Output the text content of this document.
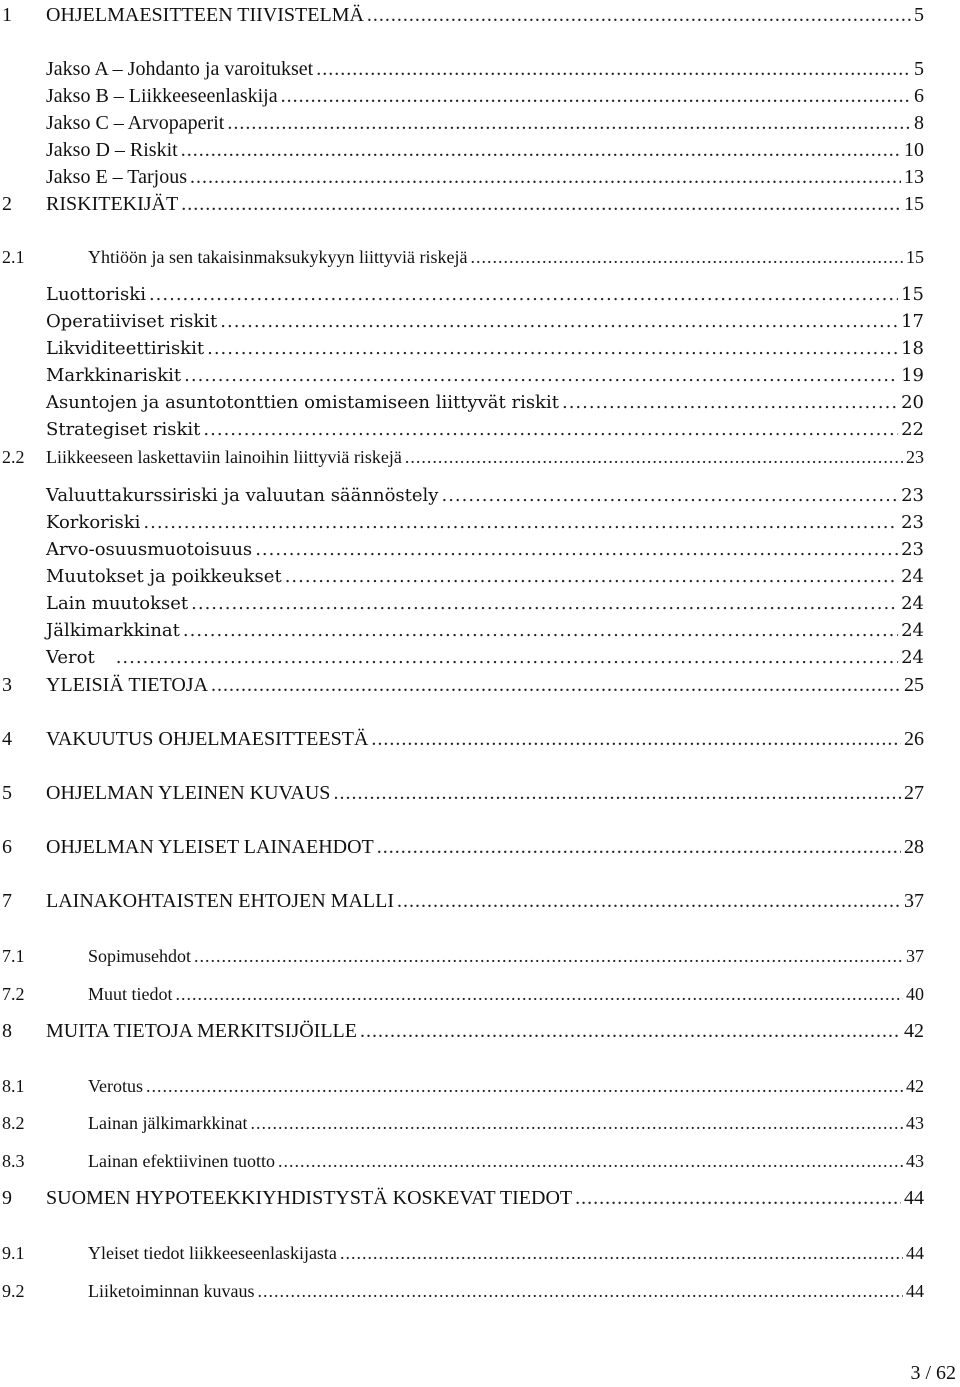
1	OHJELMAESITTEEN TIIVISTELMÄ .....	5
Jakso A – Johdanto ja varoitukset .....	5
Jakso B – Liikkeeseenlaskija .....	6
Jakso C – Arvopaperit .....	8
Jakso D – Riskit .....	10
Jakso E – Tarjous .....	13
2	RISKITEKIJÄT .....	15
2.1	Yhtiöön ja sen takaisinmaksukykyyn liittyviä riskejä .....	15
Luottoriski .....	15
Operatiiviset riskit .....	17
Likviditeettiriskit .....	18
Markkinariskit .....	19
Asuntojen ja asuntotonttien omistamiseen liittyvät riskit .....	20
Strategiset riskit .....	22
2.2	Liikkeeseen laskettaviin lainoihin liittyviä riskejä .....	23
Valuuttakurssiriski ja valuutan säännöstely .....	23
Korkoriski .....	23
Arvo-osuusmuotoisuus .....	23
Muutokset ja poikkeukset .....	24
Lain muutokset .....	24
Jälkimarkkinat .....	24
Verot .....	24
3	YLEISIÄ TIETOJA .....	25
4	VAKUUTUS OHJELMAESITTEESTÄ .....	26
5	OHJELMAN YLEINEN KUVAUS .....	27
6	OHJELMAN YLEISET LAINAEHDOT .....	28
7	LAINAKOHTAISTEN EHTOJEN MALLI .....	37
7.1	Sopimusehdot .....	37
7.2	Muut tiedot .....	40
8	MUITA TIETOJA MERKITSIJÖILLE .....	42
8.1	Verotus .....	42
8.2	Lainan jälkimarkkinat .....	43
8.3	Lainan efektiivinen tuotto .....	43
9	SUOMEN HYPOTEEKKIYHDISTYSTÄ KOSKEVAT TIEDOT .....	44
9.1	Yleiset tiedot liikkeeseenlaskijasta .....	44
9.2	Liiketoiminnan kuvaus .....	44
3 / 62
